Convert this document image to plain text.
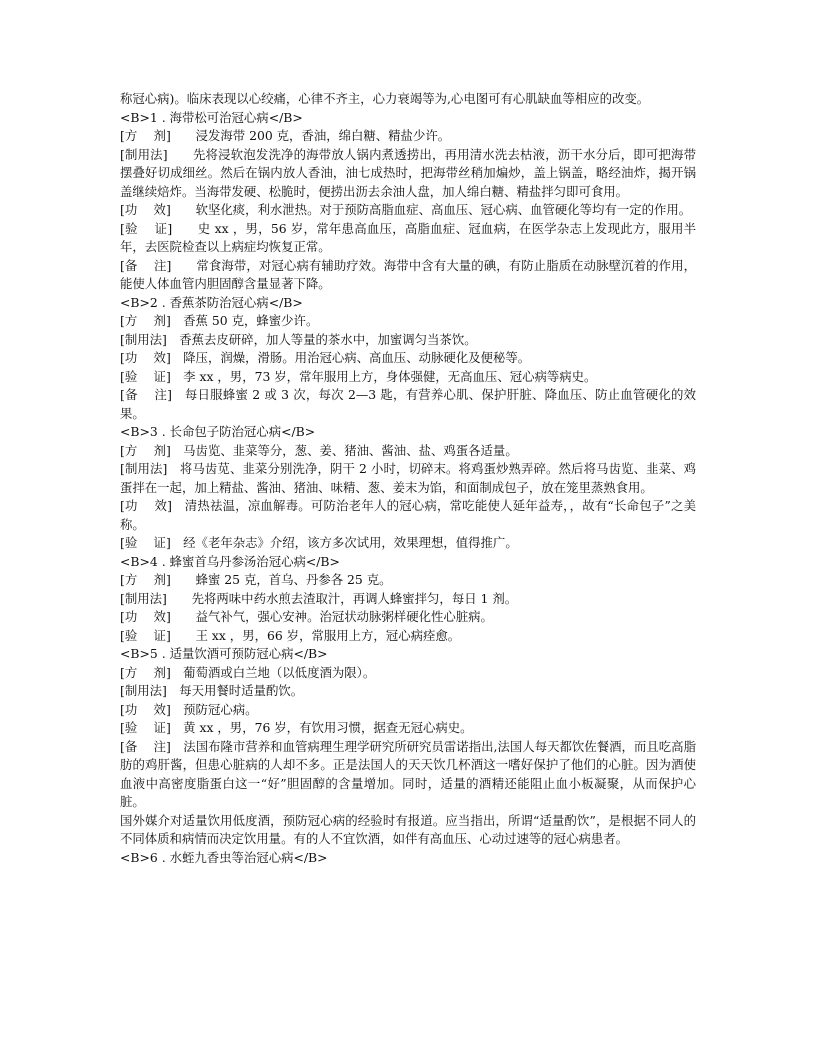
称冠心病)。临床表现以心绞痛，心律不齐主，心力衰竭等为,心电图可有心肌缺血等相应的改变。

<B>1 . 海带松可治冠心病</B>

[方　 剂]　　浸发海带 200 克，香油，绵白糖、精盐少许。

[制用法]　　先将浸软泡发洗净的海带放人锅内煮透捞出，再用清水洗去枯液，沥干水分后，即可把海带摆叠好切成细丝。然后在锅内放人香油，油七成热时，把海带丝稍加煸炒，盖上锅盖，略经油炸，揭开锅盖继续焙炸。当海带发硬、松脆时，便捞出沥去余油人盘，加人绵白糖、精盐拌匀即可食用。

[功　 效]　　软坚化痰，利水泄热。对于预防高脂血症、高血压、冠心病、血管硬化等均有一定的作用。

[验　 证]　　史 xx ，男，56 岁，常年患高血压，高脂血症、冠血病，在医学杂志上发现此方，服用半年，去医院检查以上病症均恢复正常。

[备　 注]　　常食海带，对冠心病有辅助疗效。海带中含有大量的碘，有防止脂质在动脉壁沉着的作用，能使人体血管内胆固醇含量显著下降。

<B>2 . 香蕉茶防治冠心病</B>

[方　 剂]　香蕉 50 克，蜂蜜少许。

[制用法]　香蕉去皮研碎，加人等量的茶水中，加蜜调匀当茶饮。

[功　 效]　降压，润燥，滑肠。用治冠心病、高血压、动脉硬化及便秘等。

[验　 证]　李 xx ，男，73 岁，常年服用上方，身体强健，无高血压、冠心病等病史。

[备　 注]　每日服蜂蜜 2 或 3 次，每次 2—3 匙，有营养心肌、保护肝脏、降血压、防止血管硬化的效果。

<B>3 . 长命包子防治冠心病</B>

[方　 剂]　马齿览、韭菜等分，葱、姜、猪油、酱油、盐、鸡蛋各适量。

[制用法]　将马齿苋、韭菜分别洗净，阴干 2 小时，切碎末。将鸡蛋炒熟弄碎。然后将马齿览、韭菜、鸡蛋拌在一起，加上精盐、酱油、猪油、味精、葱、姜末为馅，和面制成包子，放在笼里蒸熟食用。

[功　 效]　清热祛温，凉血解毒。可防治老年人的冠心病，常吃能使人延年益寿，，故有“长命包子”之美称。

[验　 证]　经《老年杂志》介绍，该方多次试用，效果理想，值得推广。

<B>4 . 蜂蜜首乌丹参汤治冠心病</B>

[方　 剂]　　蜂蜜 25 克，首乌、丹参各 25 克。

[制用法]　　先将两味中药水煎去渣取汁，再调人蜂蜜拌匀，每日 1 剂。

[功　 效]　　益气补气，强心安神。治冠状动脉粥样硬化性心脏病。

[验　 证]　　王 xx ，男，66 岁，常服用上方，冠心病痊愈。

<B>5 . 适量饮酒可预防冠心病</B>

[方　 剂]　葡萄酒或白兰地（以低度酒为限）。

[制用法]　每天用餐时适量酌饮。

[功　 效]　预防冠心病。

[验　 证]　黄 xx ，男，76 岁，有饮用习惯，据查无冠心病史。

[备　 注]　法国布隆市营养和血管病理生理学研究所研究员雷诺指出,法国人每天都饮佐餐酒，而且吃高脂肪的鸡肝酱，但患心脏病的人却不多。正是法国人的天天饮几杯酒这一嗜好保护了他们的心脏。因为酒使血液中高密度脂蛋白这一“好”胆固醇的含量增加。同时，适量的酒精还能阻止血小板凝聚，从而保护心脏。

国外媒介对适量饮用低度酒，预防冠心病的经验时有报道。应当指出，所谓“适量酌饮”，是根据不同人的不同体质和病情而决定饮用量。有的人不宜饮酒，如伴有高血压、心动过速等的冠心病患者。

<B>6 . 水蛭九香虫等治冠心病</B>
